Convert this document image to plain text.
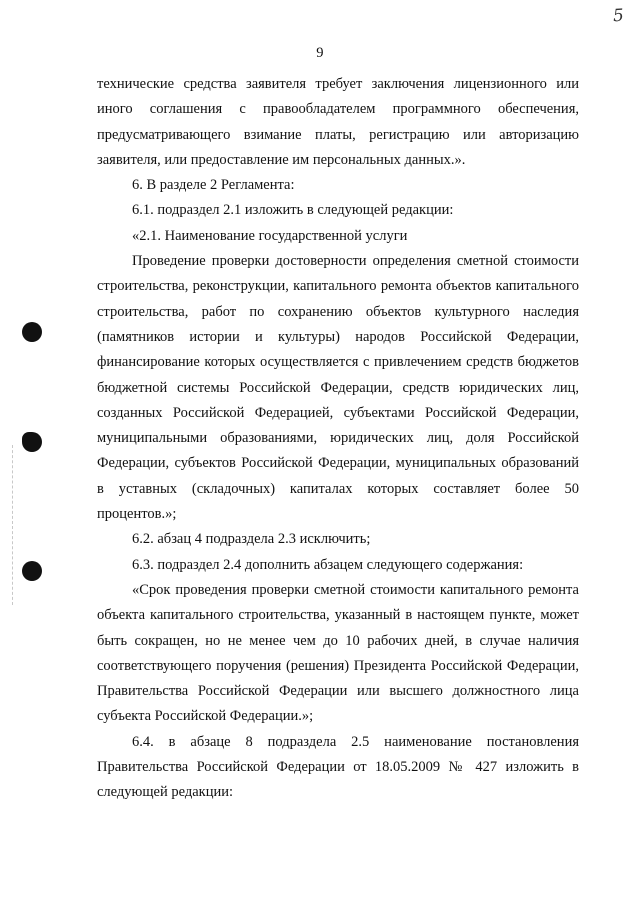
5
9

технические средства заявителя требует заключения лицензионного или иного соглашения с правообладателем программного обеспечения, предусматривающего взимание платы, регистрацию или авторизацию заявителя, или предоставление им персональных данных.».

6. В разделе 2 Регламента:

6.1. подраздел 2.1 изложить в следующей редакции:

«2.1. Наименование государственной услуги

Проведение проверки достоверности определения сметной стоимости строительства, реконструкции, капитального ремонта объектов капитального строительства, работ по сохранению объектов культурного наследия (памятников истории и культуры) народов Российской Федерации, финансирование которых осуществляется с привлечением средств бюджетов бюджетной системы Российской Федерации, средств юридических лиц, созданных Российской Федерацией, субъектами Российской Федерации, муниципальными образованиями, юридических лиц, доля Российской Федерации, субъектов Российской Федерации, муниципальных образований в уставных (складочных) капиталах которых составляет более 50 процентов.»;

6.2. абзац 4 подраздела 2.3 исключить;

6.3. подраздел 2.4 дополнить абзацем следующего содержания:

«Срок проведения проверки сметной стоимости капитального ремонта объекта капитального строительства, указанный в настоящем пункте, может быть сокращен, но не менее чем до 10 рабочих дней, в случае наличия соответствующего поручения (решения) Президента Российской Федерации, Правительства Российской Федерации или высшего должностного лица субъекта Российской Федерации.»;

6.4. в абзаце 8 подраздела 2.5 наименование постановления Правительства Российской Федерации от 18.05.2009 № 427 изложить в следующей редакции:
